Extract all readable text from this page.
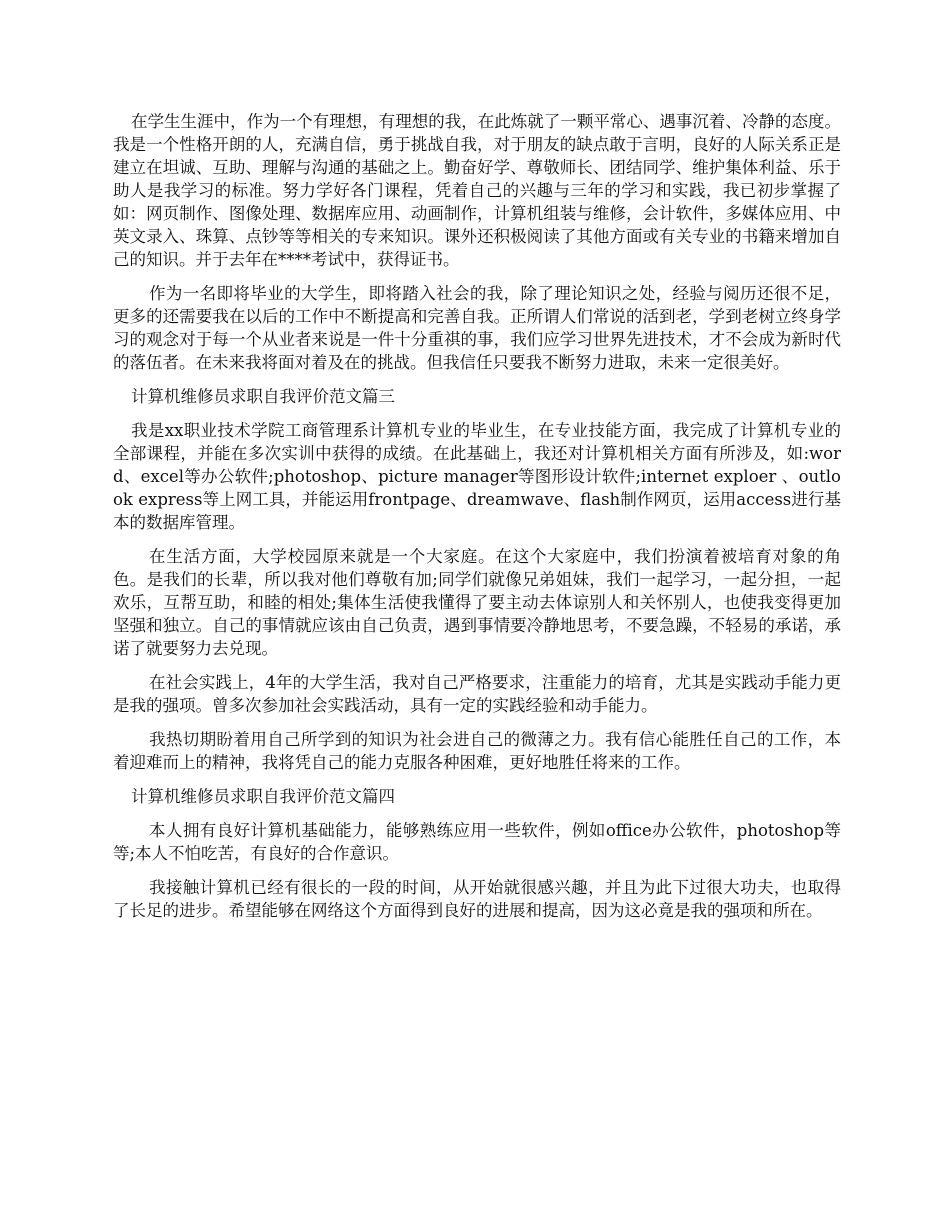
在学生生涯中，作为一个有理想，有理想的我，在此炼就了一颗平常心、遇事沉着、冷静的态度。我是一个性格开朗的人，充满自信，勇于挑战自我，对于朋友的缺点敢于言明，良好的人际关系正是建立在坦诚、互助、理解与沟通的基础之上。勤奋好学、尊敬师长、团结同学、维护集体利益、乐于助人是我学习的标准。努力学好各门课程，凭着自己的兴趣与三年的学习和实践，我已初步掌握了如：网页制作、图像处理、数据库应用、动画制作，计算机组装与维修，会计软件，多媒体应用、中英文录入、珠算、点钞等等相关的专来知识。课外还积极阅读了其他方面或有关专业的书籍来增加自己的知识。并于去年在****考试中，获得证书。

作为一名即将毕业的大学生，即将踏入社会的我，除了理论知识之处，经验与阅历还很不足，更多的还需要我在以后的工作中不断提高和完善自我。正所谓人们常说的活到老，学到老树立终身学习的观念对于每一个从业者来说是一件十分重祺的事，我们应学习世界先进技术，才不会成为新时代的落伍者。在未来我将面对着及在的挑战。但我信任只要我不断努力进取，未来一定很美好。

计算机维修员求职自我评价范文篇三

我是xx职业技术学院工商管理系计算机专业的毕业生，在专业技能方面，我完成了计算机专业的全部课程，并能在多次实训中获得的成绩。在此基础上，我还对计算机相关方面有所涉及，如:word、excel等办公软件;photoshop、picture manager等图形设计软件;internet exploer 、outlook express等上网工具，并能运用frontpage、dreamwave、flash制作网页，运用access进行基本的数据库管理。

在生活方面，大学校园原来就是一个大家庭。在这个大家庭中，我们扮演着被培育对象的角色。是我们的长辈，所以我对他们尊敬有加;同学们就像兄弟姐妹，我们一起学习，一起分担，一起欢乐，互帮互助，和睦的相处;集体生活使我懂得了要主动去体谅别人和关怀别人，也使我变得更加坚强和独立。自己的事情就应该由自己负责，遇到事情要冷静地思考，不要急躁，不轻易的承诺，承诺了就要努力去兑现。

在社会实践上，4年的大学生活，我对自己严格要求，注重能力的培育，尤其是实践动手能力更是我的强项。曾多次参加社会实践活动，具有一定的实践经验和动手能力。

我热切期盼着用自己所学到的知识为社会进自己的微薄之力。我有信心能胜任自己的工作，本着迎难而上的精神，我将凭自己的能力克服各种困难，更好地胜任将来的工作。

计算机维修员求职自我评价范文篇四

本人拥有良好计算机基础能力，能够熟练应用一些软件，例如office办公软件，photoshop等等;本人不怕吃苦，有良好的合作意识。

我接触计算机已经有很长的一段的时间，从开始就很感兴趣，并且为此下过很大功夫，也取得了长足的进步。希望能够在网络这个方面得到良好的进展和提高，因为这必竟是我的强项和所在。
